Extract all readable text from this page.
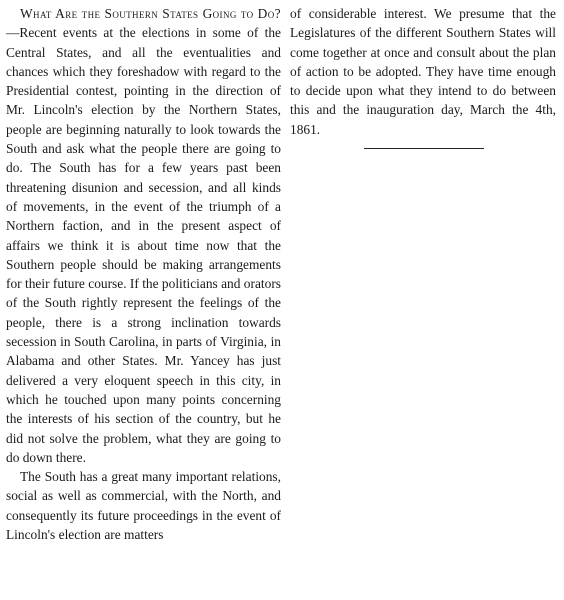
What Are the Southern States Going to Do?—Recent events at the elections in some of the Central States, and all the eventualities and chances which they foreshadow with regard to the Presidential contest, pointing in the direction of Mr. Lincoln's election by the Northern States, people are beginning naturally to look towards the South and ask what the people there are going to do. The South has for a few years past been threatening disunion and secession, and all kinds of movements, in the event of the triumph of a Northern faction, and in the present aspect of affairs we think it is about time now that the Southern people should be making arrangements for their future course. If the politicians and orators of the South rightly represent the feelings of the people, there is a strong inclination towards secession in South Carolina, in parts of Virginia, in Alabama and other States. Mr. Yancey has just delivered a very eloquent speech in this city, in which he touched upon many points concerning the interests of his section of the country, but he did not solve the problem, what they are going to do down there.

The South has a great many important relations, social as well as commercial, with the North, and consequently its future proceedings in the event of Lincoln's election are matters

of considerable interest. We presume that the Legislatures of the different Southern States will come together at once and consult about the plan of action to be adopted. They have time enough to decide upon what they intend to do between this and the inauguration day, March the 4th, 1861.
